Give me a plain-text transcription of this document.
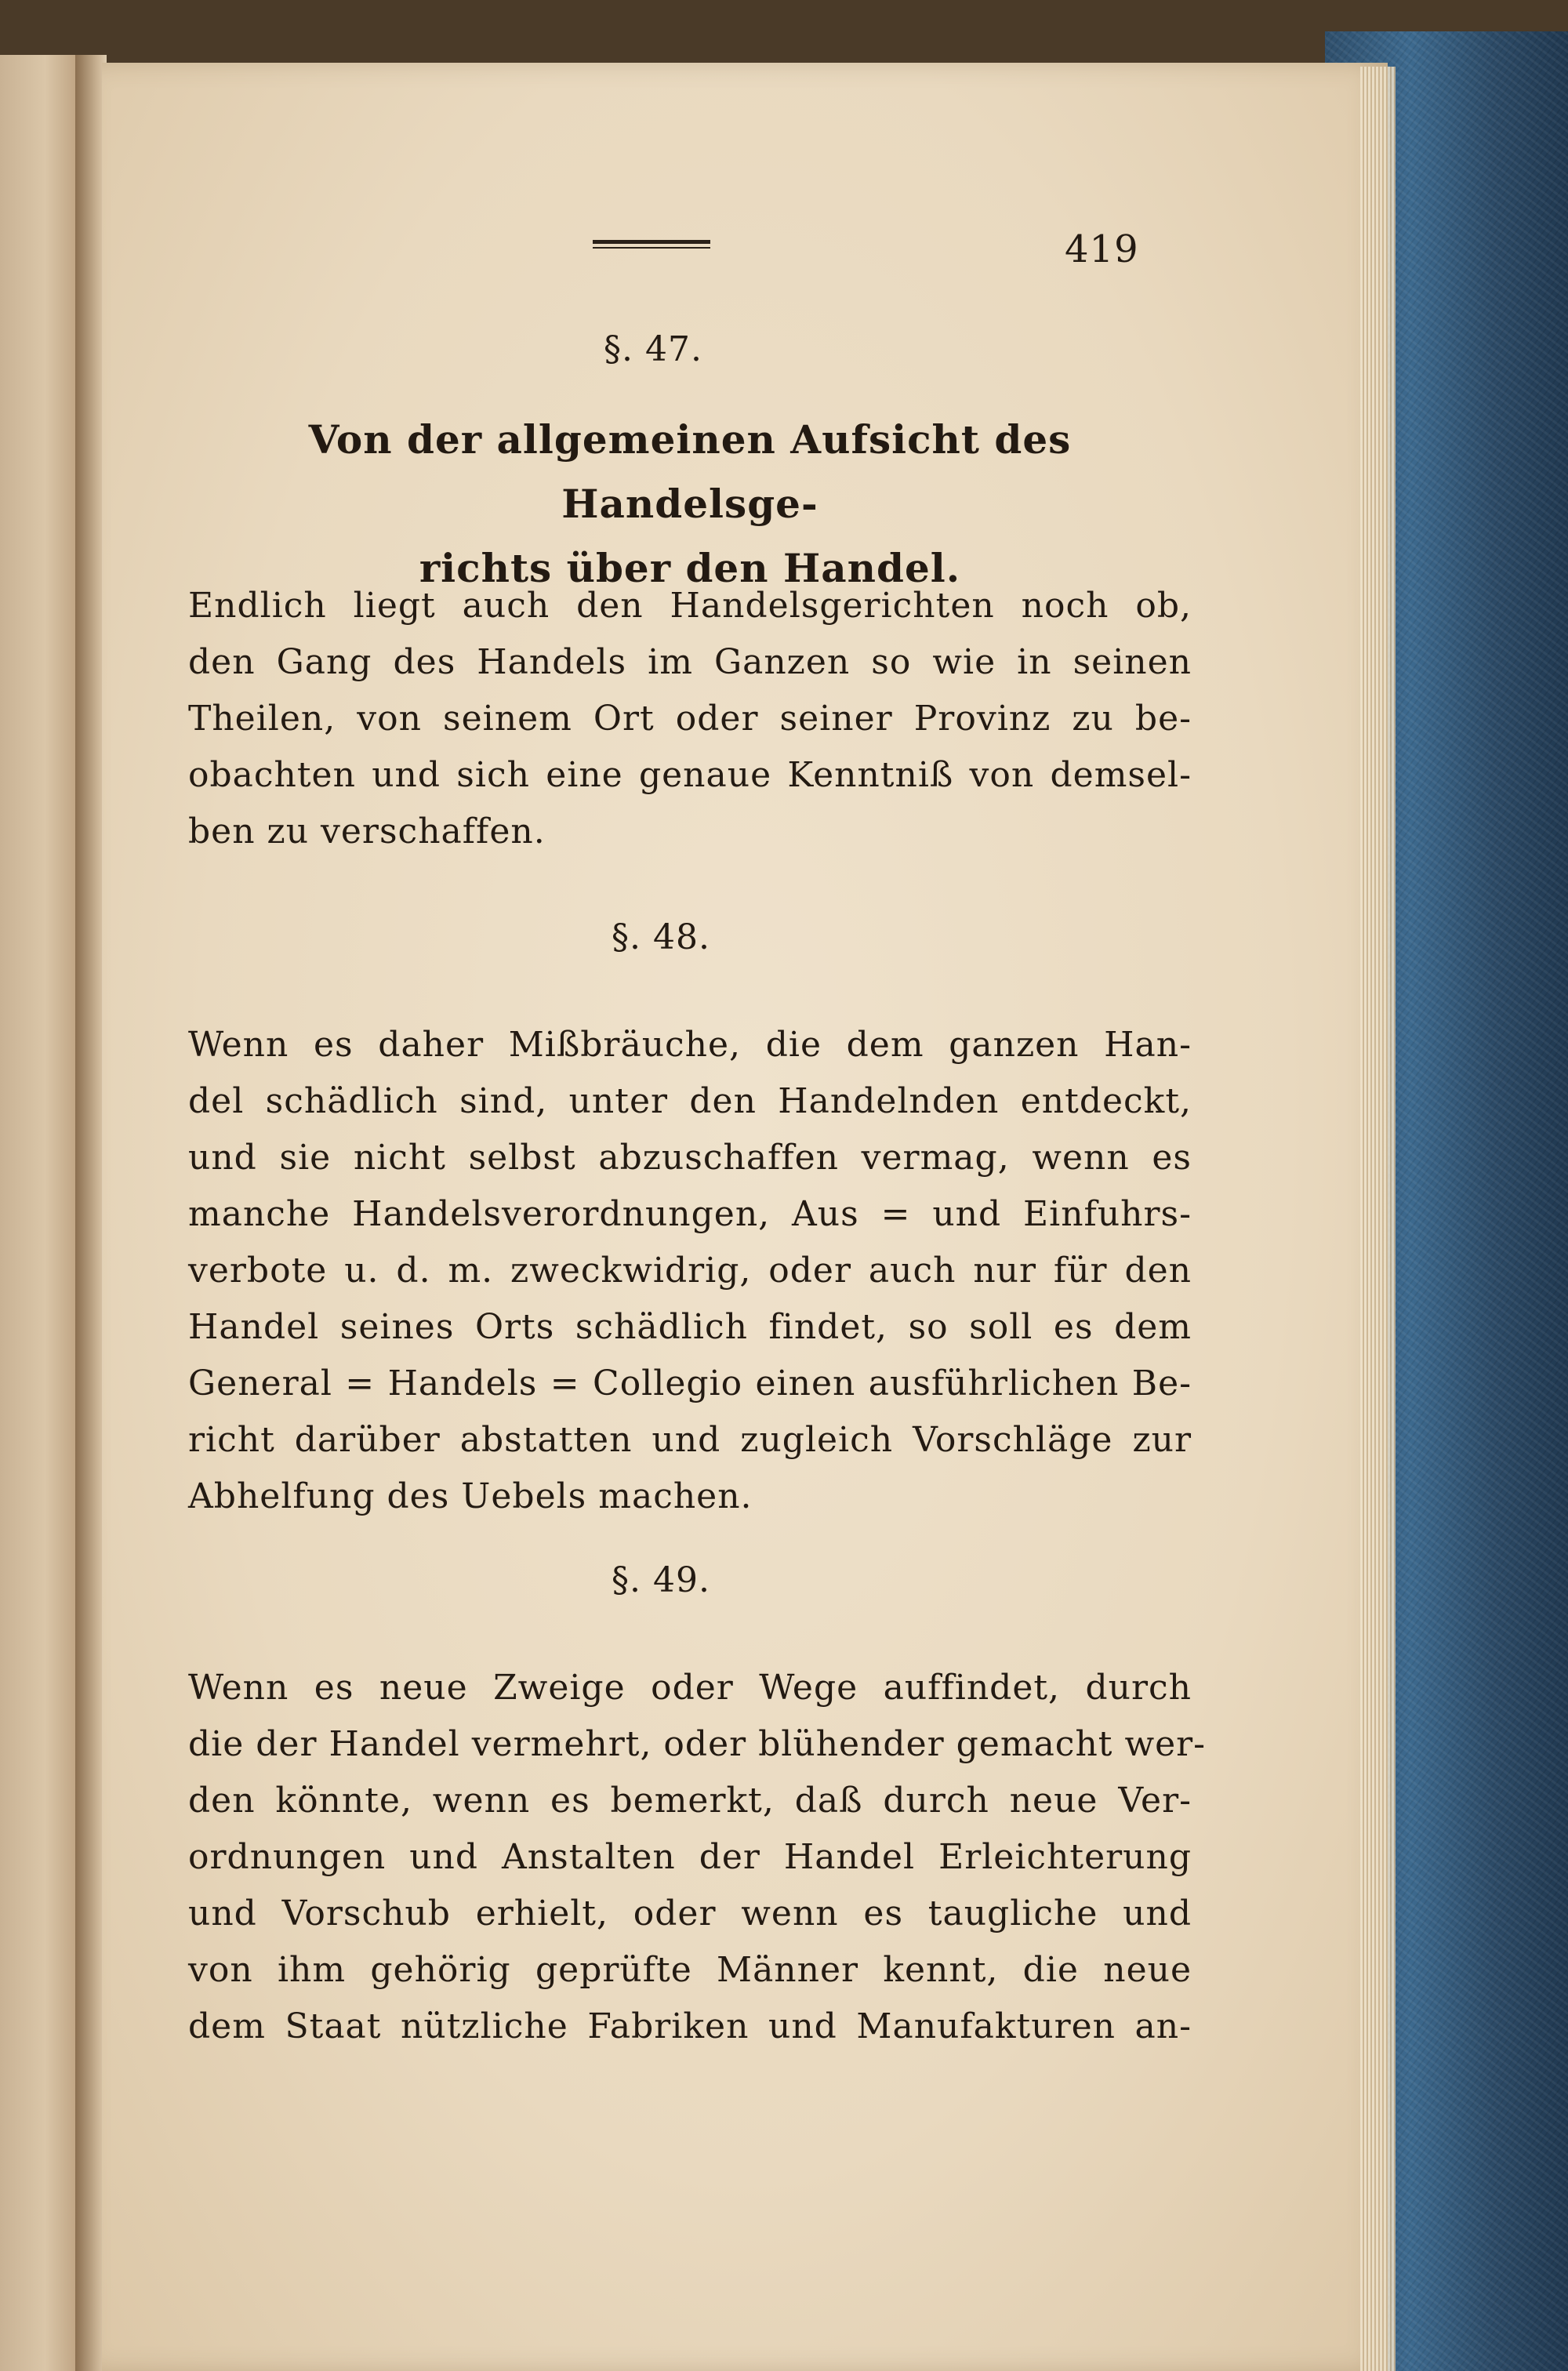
419
§. 47.
Von der allgemeinen Aufsicht des Handelsge-
richts über den Handel.
Endlich liegt auch den Handelsgerichten noch ob,
den Gang des Handels im Ganzen so wie in seinen
Theilen, von seinem Ort oder seiner Provinz zu be-
obachten und sich eine genaue Kenntniß von demsel-
ben zu verschaffen.
§. 48.
Wenn es daher Mißbräuche, die dem ganzen Han-
del schädlich sind, unter den Handelnden entdeckt,
und sie nicht selbst abzuschaffen vermag, wenn es
manche Handelsverordnungen, Aus = und Einfuhrs-
verbote u. d. m. zweckwidrig, oder auch nur für den
Handel seines Orts schädlich findet, so soll es dem
General = Handels = Collegio einen ausführlichen Be-
richt darüber abstatten und zugleich Vorschläge zur
Abhelfung des Uebels machen.
§. 49.
Wenn es neue Zweige oder Wege auffindet, durch
die der Handel vermehrt, oder blühender gemacht wer-
den könnte, wenn es bemerkt, daß durch neue Ver-
ordnungen und Anstalten der Handel Erleichterung
und Vorschub erhielt, oder wenn es taugliche und
von ihm gehörig geprüfte Männer kennt, die neue
dem Staat nützliche Fabriken und Manufakturen an-
